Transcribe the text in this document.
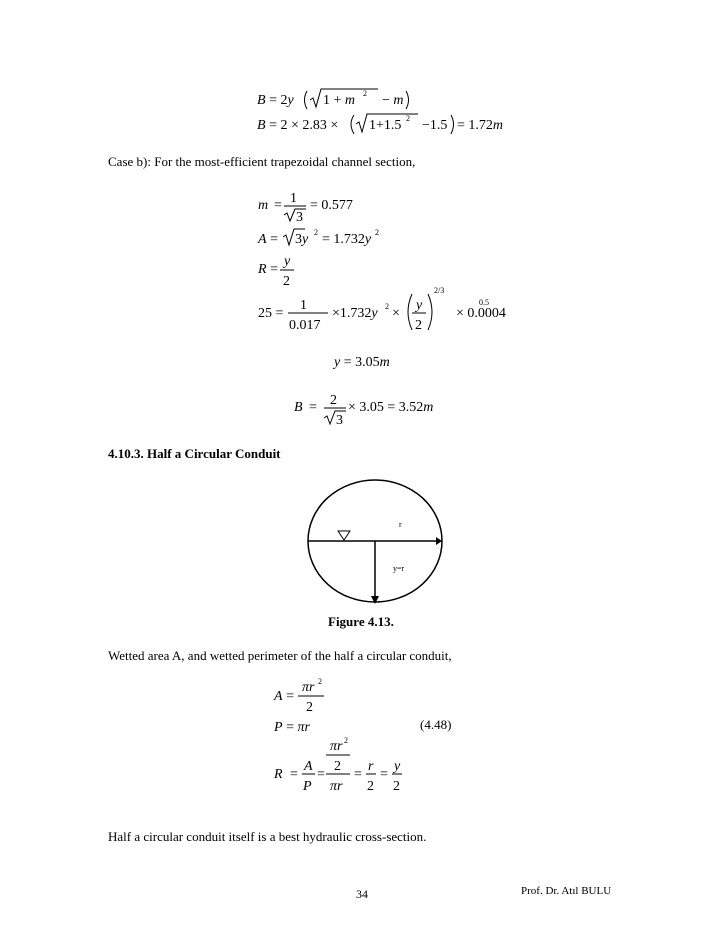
B = 2y 1 + m 2 − m
B = 2 × 2.83 × 1+1.5 2 −1.5 = 1.72m
Case b): For the most-efficient trapezoidal channel section,
m = 1
3
= 0.577
A = 3y 2 = 1.732y 2
R =
y
2
25 =
1
0.017
×1.732y 2 ×
y
2
2/3
× 0.0004
0.5
y = 3.05m
B = 2
3
× 3.05 = 3.52m
4.10.3. Half a Circular Conduit
r
y=r
Figure 4.13.
Wetted area A, and wetted perimeter of the half a circular conduit,
A =
πr 2
2
P = πr
πr 2
R =
A
P
=
2
πr
=
r
2
=
y
2
(4.48)
Half a circular conduit itself is a best hydraulic cross-section.
34	Prof. Dr. Atıl BULU
